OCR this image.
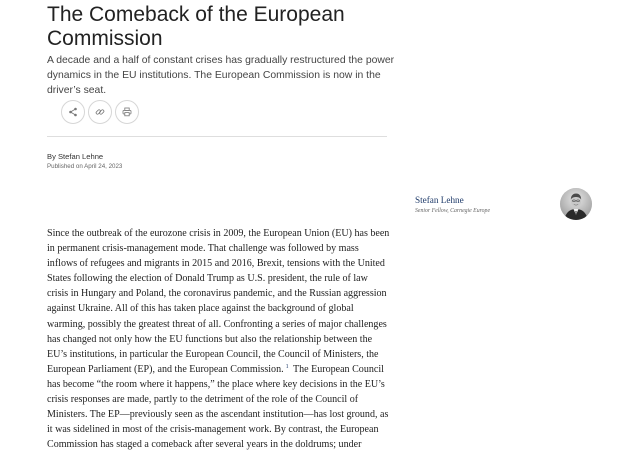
The Comeback of the European Commission

A decade and a half of constant crises has gradually restructured the power dynamics in the EU institutions. The European Commission is now in the driver’s seat.

By Stefan Lehne
Published on April 24, 2023
Stefan Lehne
Senior Fellow, Carnegie Europe

Since the outbreak of the eurozone crisis in 2009, the European Union (EU) has been in permanent crisis-management mode. That challenge was followed by mass inflows of refugees and migrants in 2015 and 2016, Brexit, tensions with the United States following the election of Donald Trump as U.S. president, the rule of law crisis in Hungary and Poland, the coronavirus pandemic, and the Russian aggression against Ukraine. All of this has taken place against the background of global warming, possibly the greatest threat of all. Confronting a series of major challenges has changed not only how the EU functions but also the relationship between the EU’s institutions, in particular the European Council, the Council of Ministers, the European Parliament (EP), and the European Commission. $^1$ The European Council has become “the room where it happens,” the place where key decisions in the EU’s crisis responses are made, partly to the detriment of the role of the Council of Ministers. The EP—previously seen as the ascendant institution—has lost ground, as it was sidelined in most of the crisis-management work. By contrast, the European Commission has staged a comeback after several years in the doldrums; under
